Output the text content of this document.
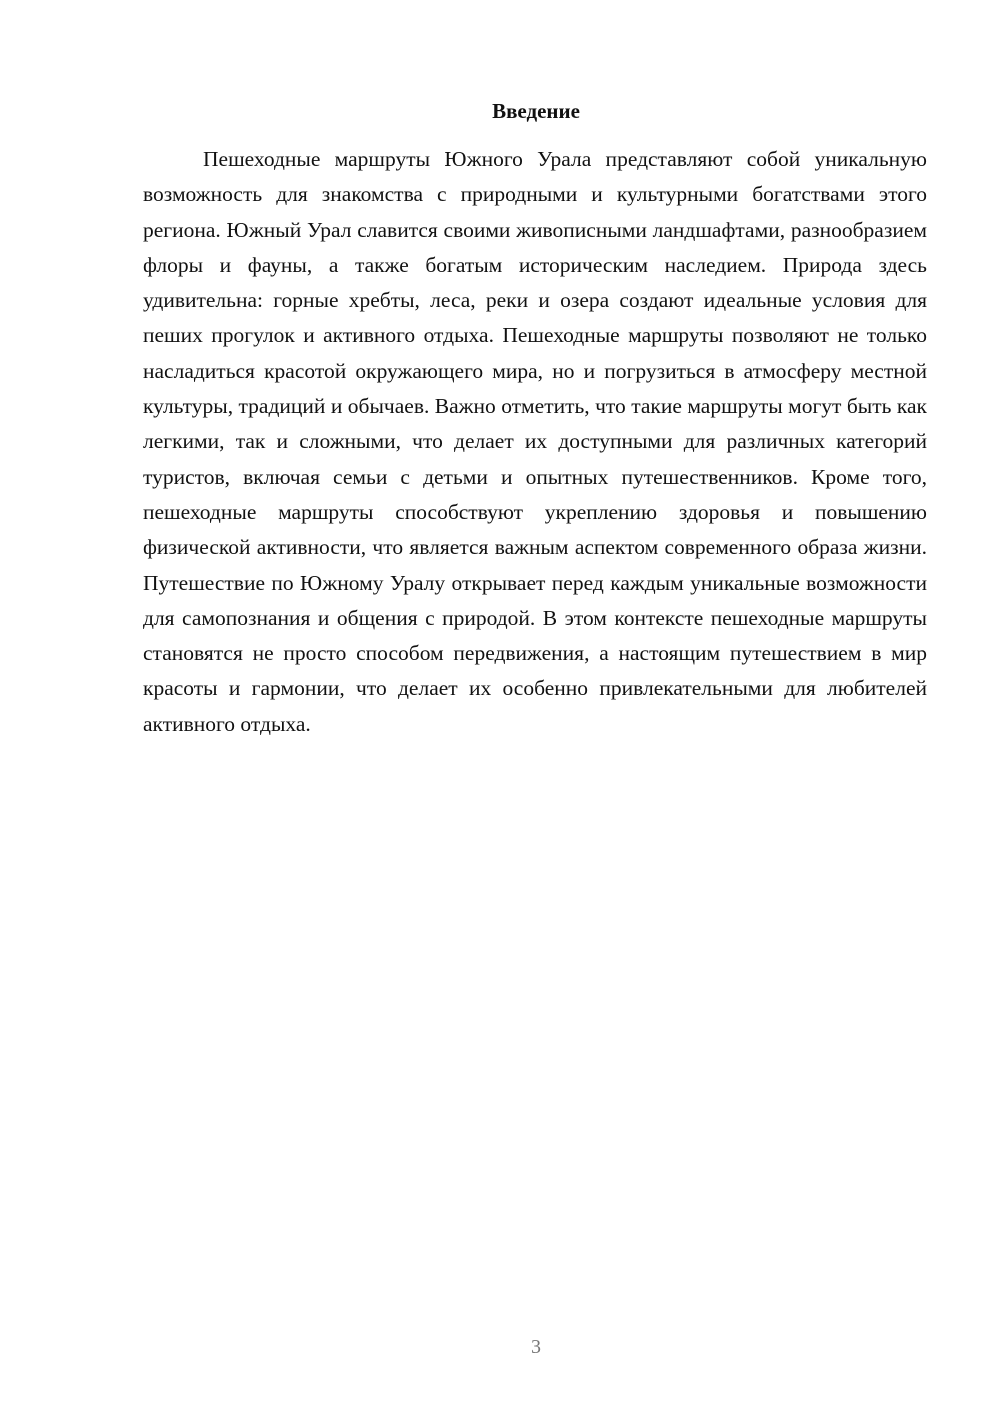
Введение

Пешеходные маршруты Южного Урала представляют собой уникальную возможность для знакомства с природными и культурными богатствами этого региона. Южный Урал славится своими живописными ландшафтами, разнообразием флоры и фауны, а также богатым историческим наследием. Природа здесь удивительна: горные хребты, леса, реки и озера создают идеальные условия для пеших прогулок и активного отдыха. Пешеходные маршруты позволяют не только насладиться красотой окружающего мира, но и погрузиться в атмосферу местной культуры, традиций и обычаев. Важно отметить, что такие маршруты могут быть как легкими, так и сложными, что делает их доступными для различных категорий туристов, включая семьи с детьми и опытных путешественников. Кроме того, пешеходные маршруты способствуют укреплению здоровья и повышению физической активности, что является важным аспектом современного образа жизни. Путешествие по Южному Уралу открывает перед каждым уникальные возможности для самопознания и общения с природой. В этом контексте пешеходные маршруты становятся не просто способом передвижения, а настоящим путешествием в мир красоты и гармонии, что делает их особенно привлекательными для любителей активного отдыха.

3
